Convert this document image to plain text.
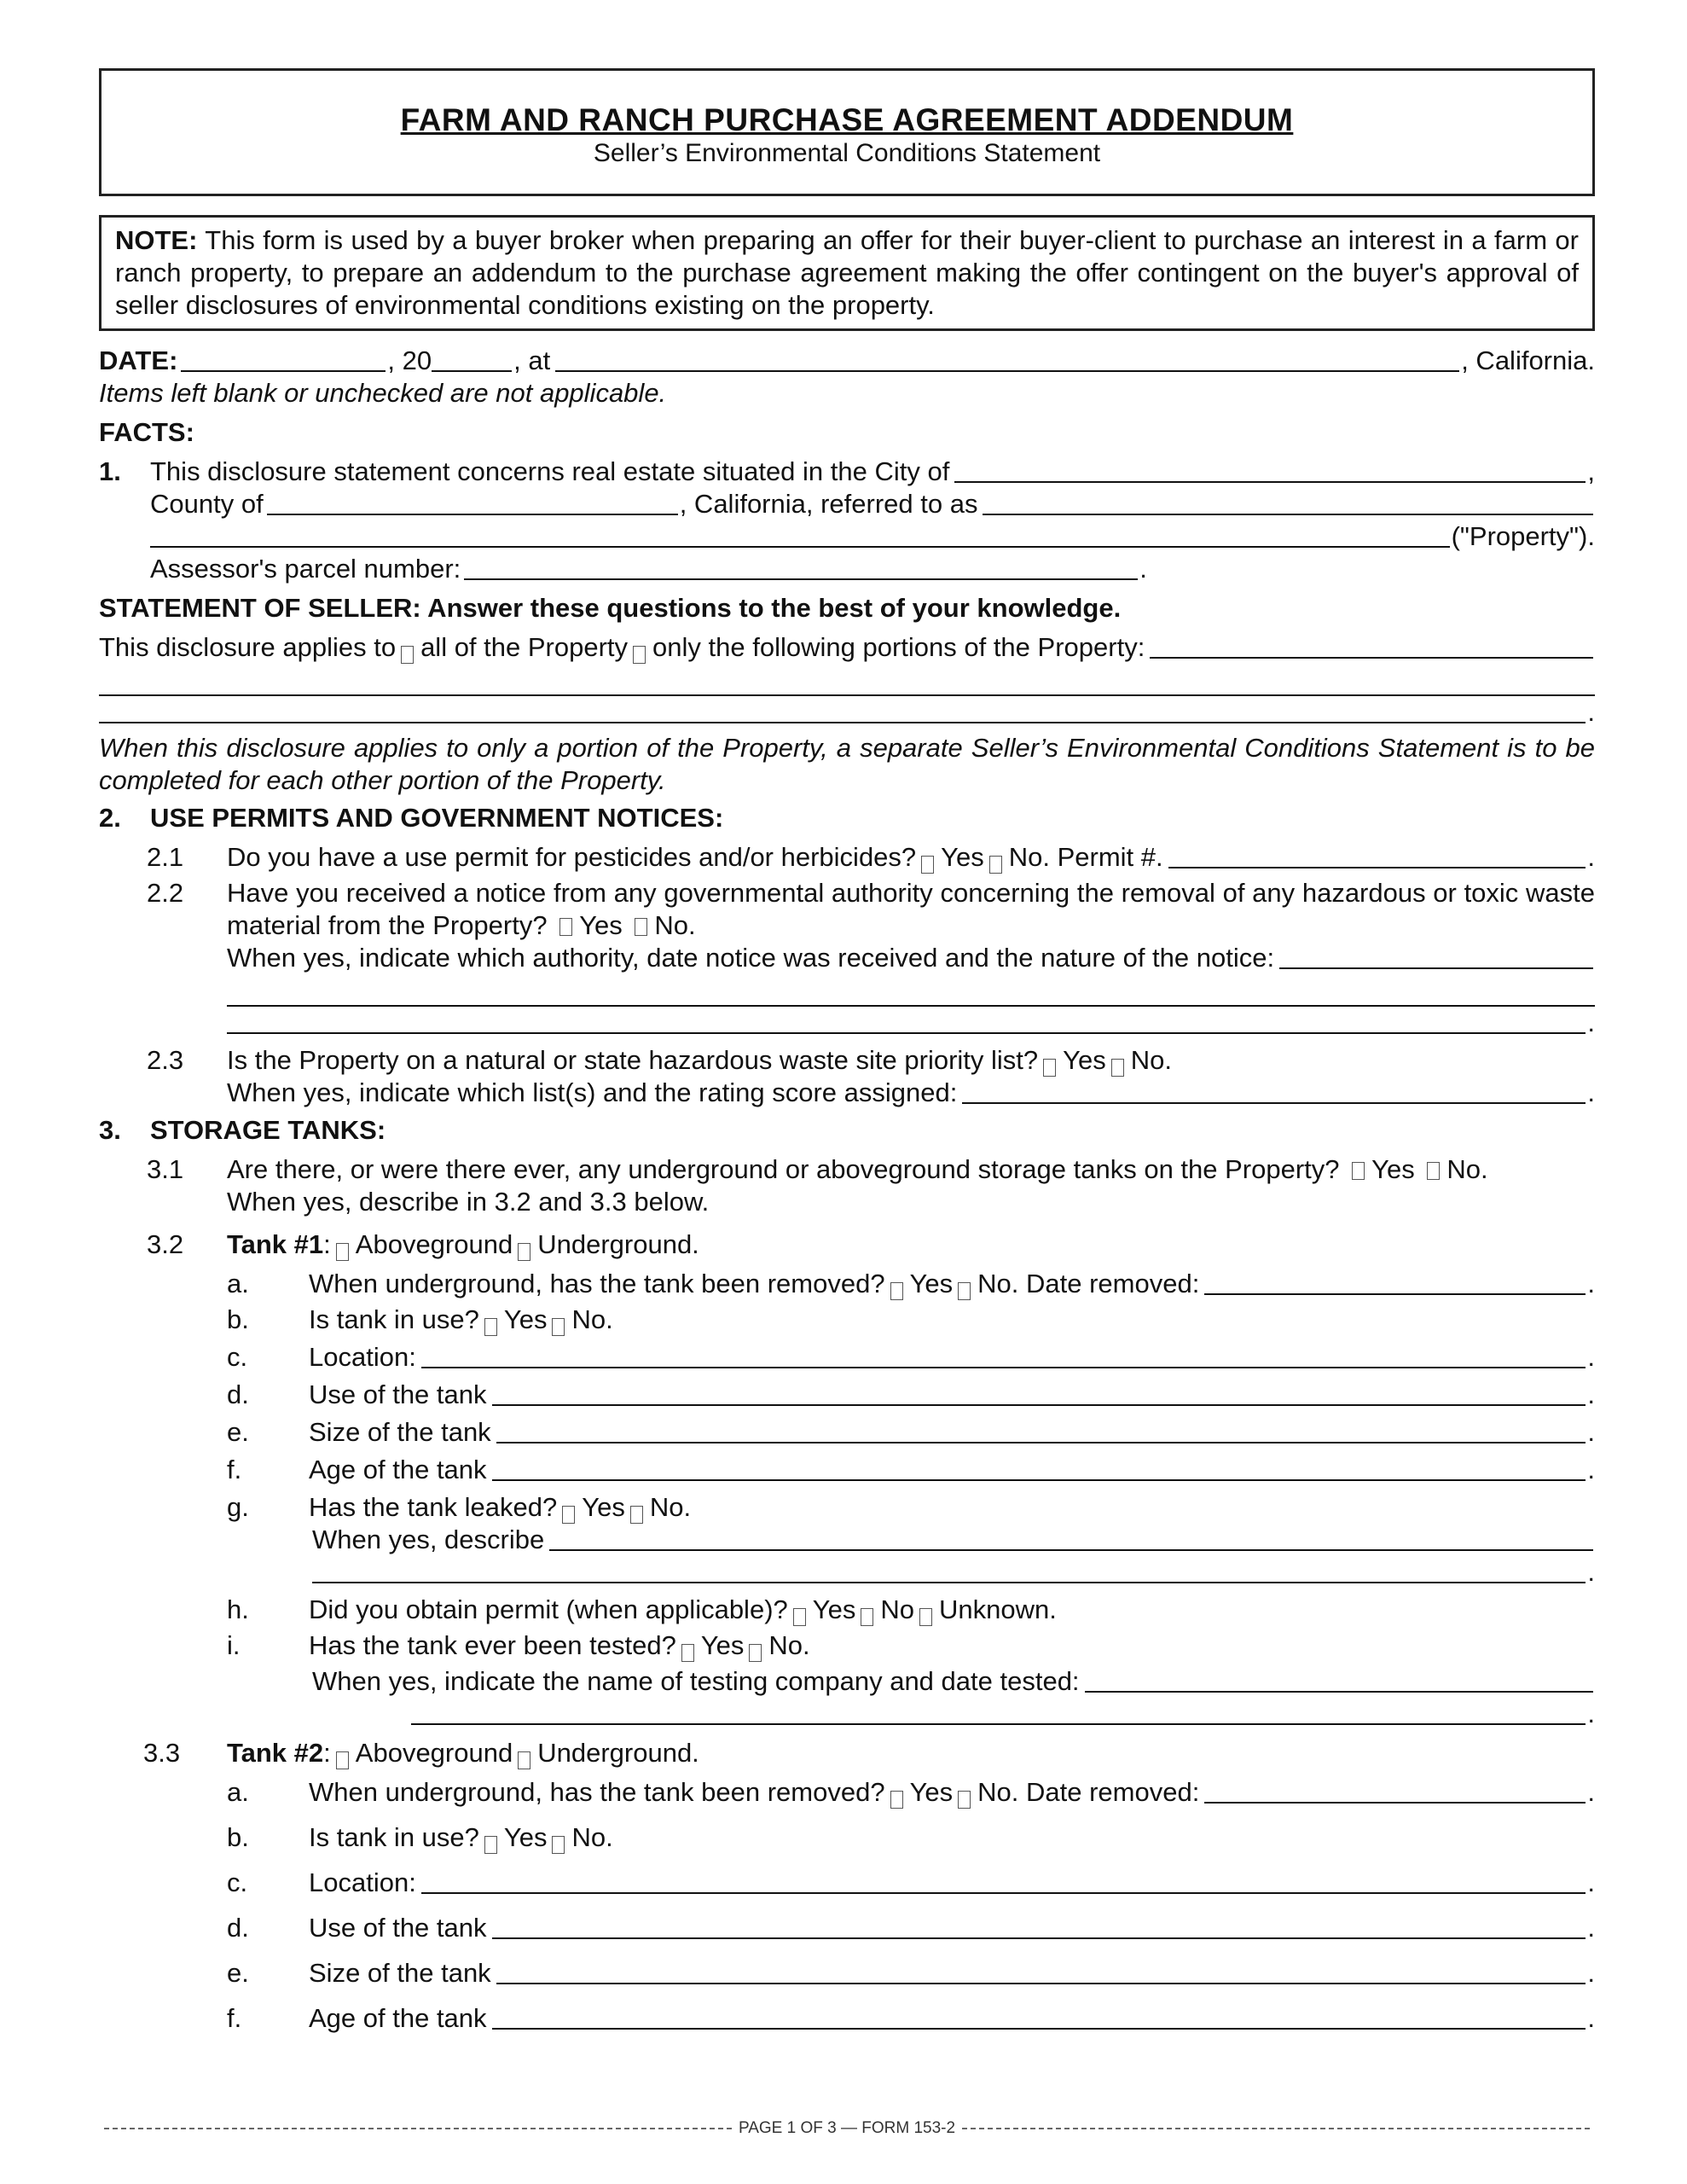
FARM AND RANCH PURCHASE AGREEMENT ADDENDUM
Seller’s Environmental Conditions Statement
NOTE: This form is used by a buyer broker when preparing an offer for their buyer-client to purchase an interest in a farm or ranch property, to prepare an addendum to the purchase agreement making the offer contingent on the buyer's approval of seller disclosures of environmental conditions existing on the property.
DATE:	, 20	, at	, California.
Items left blank or unchecked are not applicable.
FACTS:
1.	This disclosure statement concerns real estate situated in the City of	,
County of	, California, referred to as
("Property").
Assessor's parcel number:	.
STATEMENT OF SELLER: Answer these questions to the best of your knowledge.
This disclosure applies to all of the Property only the following portions of the Property:
.
When this disclosure applies to only a portion of the Property, a separate Seller’s Environmental Conditions Statement is to be completed for each other portion of the Property.
2.	USE PERMITS AND GOVERNMENT NOTICES:
2.1	Do you have a use permit for pesticides and/or herbicides? Yes No. Permit #.	.
2.2	Have you received a notice from any governmental authority concerning the removal of any hazardous or toxic waste material from the Property? Yes No.
When yes, indicate which authority, date notice was received and the nature of the notice:
.
2.3	Is the Property on a natural or state hazardous waste site priority list? Yes No.
When yes, indicate which list(s) and the rating score assigned:	.
3.	STORAGE TANKS:
3.1	Are there, or were there ever, any underground or aboveground storage tanks on the Property? Yes No.
When yes, describe in 3.2 and 3.3 below.
3.2	Tank #1 : Aboveground Underground.
a.	When underground, has the tank been removed? Yes No. Date removed:	.
b.	Is tank in use? Yes No.
c.	Location:	.
d.	Use of the tank	.
e.	Size of the tank	.
f.	Age of the tank	.
g.	Has the tank leaked? Yes No.
When yes, describe
.
h.	Did you obtain permit (when applicable)? Yes No Unknown.
i.	Has the tank ever been tested? Yes No.
When yes, indicate the name of testing company and date tested:
.
3.3	Tank #2 : Aboveground Underground.
a.	When underground, has the tank been removed? Yes No. Date removed:	.
b.	Is tank in use? Yes No.
c.	Location:	.
d.	Use of the tank	.
e.	Size of the tank	.
f.	Age of the tank	.
PAGE 1 OF 3 — FORM 153-2
